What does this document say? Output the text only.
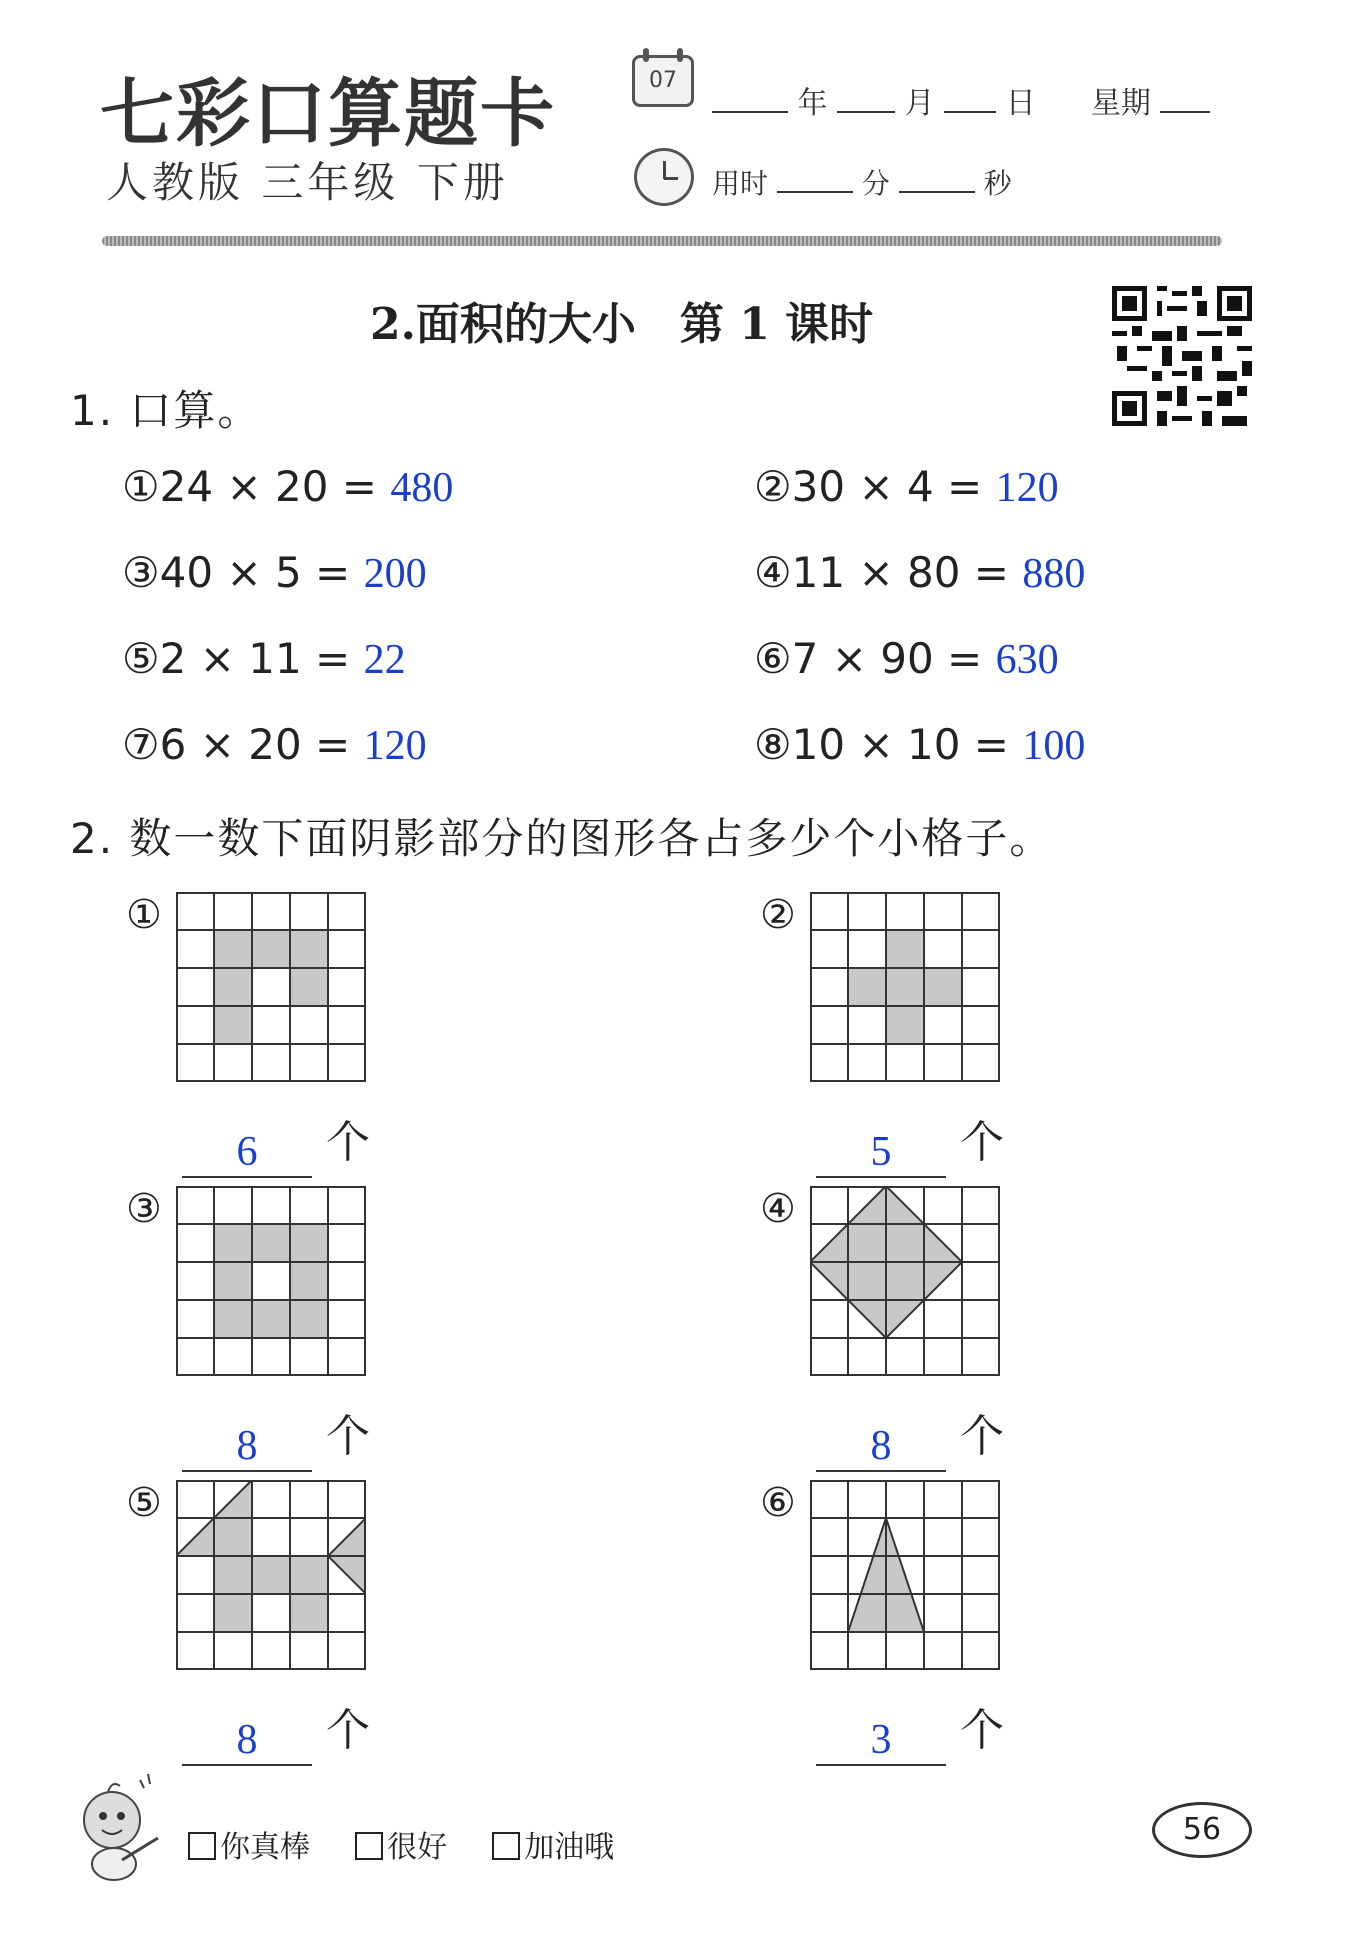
七彩口算题卡
人教版 三年级 下册
07
年	月 日 星期
用时	分	秒
2.面积的大小　第 1 课时
1. 口算。
①24 × 20 = 480	②30 × 4 = 120
③40 × 5 = 200	④11 × 80 = 880
⑤2 × 11 = 22	⑥7 × 90 = 630
⑦6 × 20 = 120	⑧10 × 10 = 100
2. 数一数下面阴影部分的图形各占多少个小格子。
①
6 个
②
5 个
③
8 个
④
8 个
⑤
8 个
⑥
3 个
你真棒	很好	加油哦
56
